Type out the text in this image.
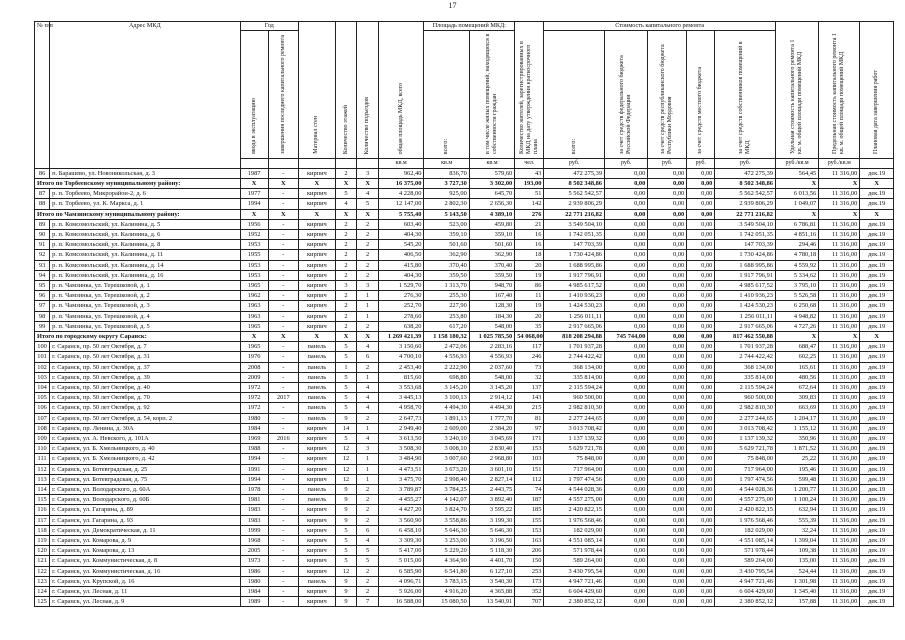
17
№ п/п	Адрес МКД	Год		Материал стен	Количество этажей	Количество подъездов	общая площадь МКД, всего	Площадь помещений МКД:		Количество жителей, зарегистрированных в МКД на дату утверждения краткосрочного плана	Стоимость капитального ремонта					Удельная стоимость капитального ремонта 1 кв. м. общей площади помещений МКД	Предельная стоимость капитального ремонта 1 кв. м. общей площади помещений МКД	Плановая дата завершения работ
		ввода в эксплуатацию	завершения последнего капитального ремонта					всего:	в том числе жилых помещений, находящихся в собственности граждан		всего:	за счет средств федерального бюджета Российской Федерации	за счет средств республиканского бюджета Республики Мордовия	за счет средств местного бюджета	за счет средств собственников помещений в МКД			
							кв.м	кв.м	кв.м	чел.	руб.	руб.	руб.	руб.	руб.	руб./кв.м	руб./кв.м	
86	п. Барашево, ул. Новоникольская, д. 3	1987	-	кирпич	2	3	962,40	836,70	579,60	43	472 275,39	0,00	0,00	0,00	472 275,39	564,45	11 316,00	дек.19
Итого по Торбеевскому муниципальному району:		X	X	X	X	X	16 375,00	3 727,30	3 302,00	193,00	8 502 348,86	0,00	0,00	0,00	8 502 348,86	X	X	X
87	р. п. Торбеево, Микрорайон-2, д. 6	1977	-	кирпич	5	4	4 228,00	925,00	645,70	51	5 562 542,57	0,00	0,00	0,00	5 562 542,57	6 013,56	11 316,00	дек.19
88	р. п. Торбеево, ул. К. Маркса, д. 1	1994	-	кирпич	4	5	12 147,00	2 802,30	2 656,30	142	2 939 806,29	0,00	0,00	0,00	2 939 806,29	1 049,07	11 316,00	дек.19
Итого по Чамзинскому муниципальному району:		X	X	X	X	X	5 755,40	5 143,50	4 389,10	276	22 771 216,82	0,00	0,00	0,00	22 771 216,82	X	X	X
89	р. п. Комсомольский, ул. Калинина, д. 5	1956	-	кирпич	2	2	603,40	523,00	459,80	21	3 549 504,10	0,00	0,00	0,00	3 549 504,10	6 786,81	11 316,00	дек.19
90	р. п. Комсомольский, ул. Калинина, д. 6	1952	-	кирпич	2	2	404,30	359,10	359,10	16	1 742 051,35	0,00	0,00	0,00	1 742 051,35	4 851,16	11 316,00	дек.19
91	р. п. Комсомольский, ул. Калинина, д. 8	1953	-	кирпич	2	2	545,20	501,60	501,60	16	147 703,39	0,00	0,00	0,00	147 703,39	294,46	11 316,00	дек.19
92	р. п. Комсомольский, ул. Калинина, д. 11	1955	-	кирпич	2	2	406,50	362,90	362,90	18	1 730 424,86	0,00	0,00	0,00	1 730 424,86	4 780,18	11 316,00	дек.19
93	р. п. Комсомольский, ул. Калинина, д. 14	1953	-	кирпич	2	2	415,80	370,40	370,40	20	1 688 995,86	0,00	0,00	0,00	1 688 995,86	4 559,92	11 316,00	дек.19
94	р. п. Комсомольский, ул. Калинина, д. 16	1953	-	кирпич	2	2	404,30	359,50	359,50	19	1 917 796,91	0,00	0,00	0,00	1 917 796,91	5 334,62	11 316,00	дек.19
95	р. п. Чамзинка, ул. Терешковой, д. 1	1965	-	кирпич	3	3	1 529,70	1 313,70	948,70	86	4 985 617,52	0,00	0,00	0,00	4 985 617,52	3 795,10	11 316,00	дек.19
96	р. п. Чамзинка, ул. Терешковой, д. 2	1962	-	кирпич	2	1	276,30	255,30	167,40	11	1 410 936,23	0,00	0,00	0,00	1 410 936,23	5 526,58	11 316,00	дек.19
97	р. п. Чамзинка, ул. Терешковой, д. 3	1963	-	кирпич	2	1	252,70	227,90	128,30	19	1 424 530,23	0,00	0,00	0,00	1 424 530,23	6 250,68	11 316,00	дек.19
98	р. п. Чамзинка, ул. Терешковой, д. 4	1963	-	кирпич	2	1	278,60	253,80	184,30	20	1 256 011,11	0,00	0,00	0,00	1 256 011,11	4 948,82	11 316,00	дек.19
99	р. п. Чамзинка, ул. Терешковой, д. 5	1965	-	кирпич	2	2	638,20	617,20	548,00	35	2 917 665,06	0,00	0,00	0,00	2 917 665,06	4 727,26	11 316,00	дек.19
Итого по городскому округу Саранск:		X	X	X	X	X	1 269 421,39	1 158 180,32	1 025 785,50	54 068,00	818 208 294,88	745 744,00	0,00	0,00	817 462 550,88	X	X	X
100	г. Саранск, пр. 50 лет Октября, д. 7	1965	-	панель	5	4	3 150,60	2 472,06	2 283,16	117	1 701 937,28	0,00	0,00	0,00	1 701 937,28	688,47	11 316,00	дек.19
101	г. Саранск, пр. 50 лет Октября, д. 31	1976	-	панель	5	6	4 700,10	4 556,93	4 556,93	246	2 744 422,42	0,00	0,00	0,00	2 744 422,42	602,25	11 316,00	дек.19
102	г. Саранск, пр. 50 лет Октября, д. 37	2008	-	панель	1	2	2 453,40	2 222,90	2 037,60	73	368 134,00	0,00	0,00	0,00	368 134,00	165,61	11 316,00	дек.19
103	г. Саранск, пр. 50 лет Октября, д. 39	2009	-	панель	5	1	815,60	698,80	548,00	32	335 814,00	0,00	0,00	0,00	335 814,00	480,56	11 316,00	дек.19
104	г. Саранск, пр. 50 лет Октября, д. 40	1972	-	панель	5	4	3 553,68	3 145,20	3 145,20	137	2 115 594,24	0,00	0,00	0,00	2 115 594,24	672,64	11 316,00	дек.19
105	г. Саранск, пр. 50 лет Октября, д. 70	1972	2017	панель	5	4	3 445,13	3 100,13	2 914,12	143	960 500,00	0,00	0,00	0,00	960 500,00	309,83	11 316,00	дек.19
106	г. Саранск, пр. 50 лет Октября, д. 92	1972	-	панель	5	4	4 958,70	4 494,30	4 494,30	215	2 982 810,30	0,00	0,00	0,00	2 982 810,30	663,69	11 316,00	дек.19
107	г. Саранск, пр. 50 лет Октября, д. 54, корп. 2	1980	-	панель	9	2	2 647,73	1 891,13	1 777,70	81	2 277 244,65	0,00	0,00	0,00	2 277 244,65	1 204,17	11 316,00	дек.19
108	г. Саранск, пр. Ленина, д. 30А	1984	-	кирпич	14	1	2 949,40	2 609,00	2 384,20	97	3 013 708,42	0,00	0,00	0,00	3 013 708,42	1 155,12	11 316,00	дек.19
109	г. Саранск, ул. А. Невского, д. 101А	1969	2016	кирпич	5	4	3 613,50	3 240,10	3 045,69	171	1 137 139,32	0,00	0,00	0,00	1 137 139,32	350,96	11 316,00	дек.19
110	г. Саранск, ул. Б. Хмельницкого, д. 40	1988	-	кирпич	12	3	3 508,30	3 008,10	2 830,40	153	5 629 721,78	0,00	0,00	0,00	5 629 721,78	1 871,52	11 316,00	дек.19
111	г. Саранск, ул. Б. Хмельницкого, д. 42	1994	-	кирпич	12	1	3 484,90	3 007,60	2 968,80	103	75 848,00	0,00	0,00	0,00	75 848,00	25,22	11 316,00	дек.19
112	г. Саранск, ул. Ботевградская, д. 25	1991	-	кирпич	12	1	4 473,51	3 673,20	3 601,10	151	717 964,00	0,00	0,00	0,00	717 964,00	195,46	11 316,00	дек.19
113	г. Саранск, ул. Ботевградская, д. 75	1994	-	кирпич	12	1	3 475,70	2 998,40	2 827,14	112	1 797 474,56	0,00	0,00	0,00	1 797 474,56	599,48	11 316,00	дек.19
114	г. Саранск, ул. Володарского, д. 60А	1978	-	панель	9	2	3 789,87	3 784,25	2 443,75	74	4 544 028,36	0,00	0,00	0,00	4 544 028,36	1 200,77	11 316,00	дек.19
115	г. Саранск, ул. Володарского, д. 60Б	1981	-	панель	9	2	4 455,27	4 142,07	3 892,40	187	4 557 275,00	0,00	0,00	0,00	4 557 275,00	1 100,24	11 316,00	дек.19
116	г. Саранск, ул. Гагарина, д. 89	1983	-	кирпич	9	2	4 427,20	3 824,70	3 595,22	185	2 420 822,15	0,00	0,00	0,00	2 420 822,15	632,94	11 316,00	дек.19
117	г. Саранск, ул. Гагарина, д. 93	1983	-	кирпич	9	2	3 560,90	3 558,86	3 199,30	155	1 976 568,46	0,00	0,00	0,00	1 976 568,46	555,39	11 316,00	дек.19
118	г. Саранск, ул. Демократическая, д. 11	1999	-	кирпич	5	6	6 458,10	5 646,30	5 646,30	153	182 029,00	0,00	0,00	0,00	182 029,00	32,24	11 316,00	дек.19
119	г. Саранск, ул. Комарова, д. 9	1968	-	кирпич	5	4	3 309,30	3 253,00	3 196,50	163	4 551 085,14	0,00	0,00	0,00	4 551 085,14	1 399,04	11 316,00	дек.19
120	г. Саранск, ул. Комарова, д. 13	2005	-	кирпич	5	5	5 417,00	5 229,20	5 118,30	206	571 978,44	0,00	0,00	0,00	571 978,44	109,38	11 316,00	дек.19
121	г. Саранск, ул. Коммунистическая, д. 8	1973	-	кирпич	5	5	5 015,00	4 364,90	4 401,70	150	589 264,00	0,00	0,00	0,00	589 264,00	135,00	11 316,00	дек.19
122	г. Саранск, ул. Коммунистическая, д. 16	1986	-	кирпич	12	2	6 585,90	6 541,80	6 127,10	253	3 430 795,54	0,00	0,00	0,00	3 430 795,54	524,44	11 316,00	дек.19
123	г. Саранск, ул. Крупской, д. 16	1980	-	панель	9	2	4 096,71	3 783,15	3 540,30	173	4 947 721,46	0,00	0,00	0,00	4 947 721,46	1 301,98	11 316,00	дек.19
124	г. Саранск, ул. Лесная, д. 11	1984	-	кирпич	9	2	5 926,00	4 916,20	4 365,88	352	6 604 429,60	0,00	0,00	0,00	6 604 429,60	1 345,40	11 316,00	дек.19
125	г. Саранск, ул. Лесная, д. 9	1989	-	кирпич	9	7	16 588,00	15 080,50	13 540,91	707	2 380 852,12	0,00	0,00	0,00	2 380 852,12	157,88	11 316,00	дек.19
